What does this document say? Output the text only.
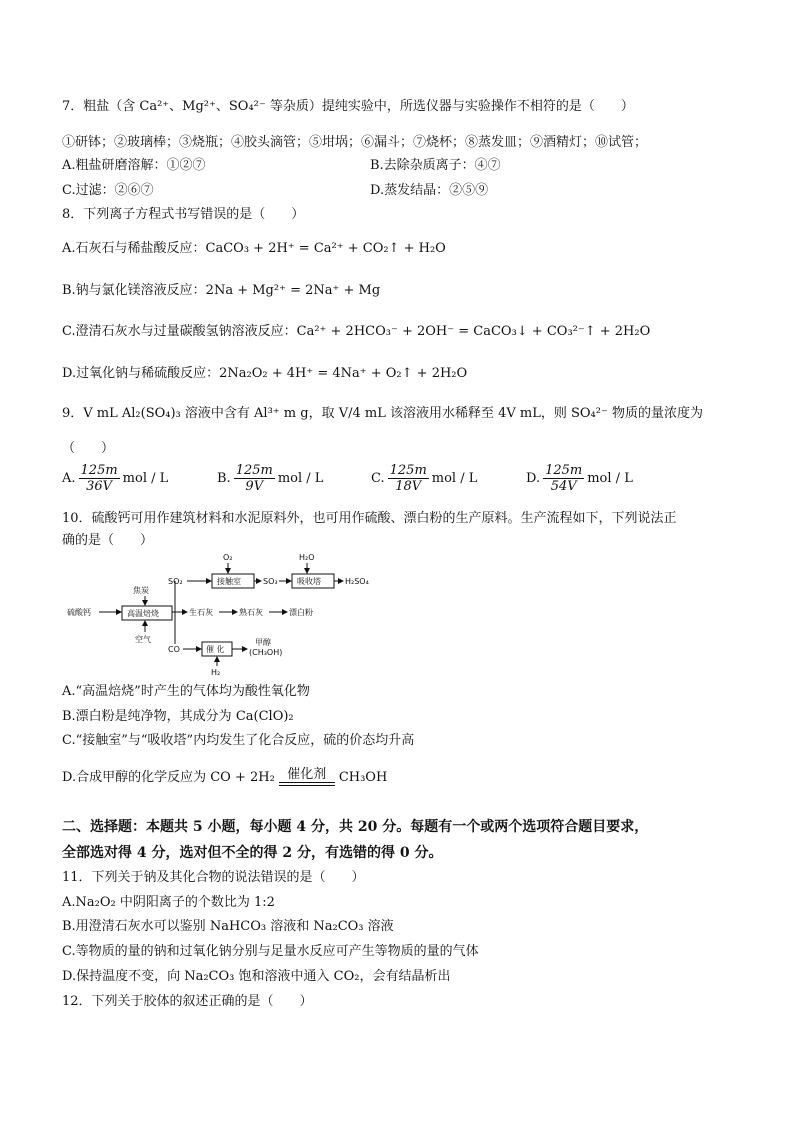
7．粗盐（含 Ca²⁺、Mg²⁺、SO₄²⁻ 等杂质）提纯实验中，所选仪器与实验操作不相符的是（　　）
①研钵；②玻璃棒；③烧瓶；④胶头滴管；⑤坩埚；⑥漏斗；⑦烧杯；⑧蒸发皿；⑨酒精灯；⑩试管；
A.粗盐研磨溶解：①②⑦	B.去除杂质离子：④⑦
C.过滤：②⑥⑦	D.蒸发结晶：②⑤⑨
8．下列离子方程式书写错误的是（　　）
A.石灰石与稀盐酸反应：CaCO₃ + 2H⁺ = Ca²⁺ + CO₂↑ + H₂O
B.钠与氯化镁溶液反应：2Na + Mg²⁺ = 2Na⁺ + Mg
C.澄清石灰水与过量碳酸氢钠溶液反应：Ca²⁺ + 2HCO₃⁻ + 2OH⁻ = CaCO₃↓ + CO₃²⁻↑ + 2H₂O
D.过氧化钠与稀硫酸反应：2Na₂O₂ + 4H⁺ = 4Na⁺ + O₂↑ + 2H₂O
9．V mL Al₂(SO₄)₃ 溶液中含有 Al³⁺ m g，取 V/4 mL 该溶液用水稀释至 4V mL，则 SO₄²⁻ 物质的量浓度为
（　　）
A. $\frac{125m}{36V}$ mol / L	B. $\frac{125m}{9V}$ mol / L	C. $\frac{125m}{18V}$ mol / L	D. $\frac{125m}{54V}$ mol / L
10．硫酸钙可用作建筑材料和水泥原料外，也可用作硫酸、漂白粉的生产原料。生产流程如下，下列说法正
确的是（　　）
硫酸钙
焦炭
高温焙烧
空气
SO₂
O₂
接触室	SO₃
H₂O
吸收塔	H₂SO₄
生石灰	熟石灰	漂白粉
CO	催 化
H₂
甲醇
(CH₃OH)
A.“高温焙烧”时产生的气体均为酸性氧化物
B.漂白粉是纯净物，其成分为 Ca(ClO)₂
C.“接触室”与“吸收塔”内均发生了化合反应，硫的价态均升高
D.合成甲醇的化学反应为 CO + 2H₂ 催化剂 CH₃OH
二、选择题：本题共 5 小题，每小题 4 分，共 20 分。每题有一个或两个选项符合题目要求，
全部选对得 4 分，选对但不全的得 2 分，有选错的得 0 分。
11．下列关于钠及其化合物的说法错误的是（　　）
A.Na₂O₂ 中阴阳离子的个数比为 1:2
B.用澄清石灰水可以鉴别 NaHCO₃ 溶液和 Na₂CO₃ 溶液
C.等物质的量的钠和过氧化钠分别与足量水反应可产生等物质的量的气体
D.保持温度不变，向 Na₂CO₃ 饱和溶液中通入 CO₂，会有结晶析出
12．下列关于胶体的叙述正确的是（　　）
